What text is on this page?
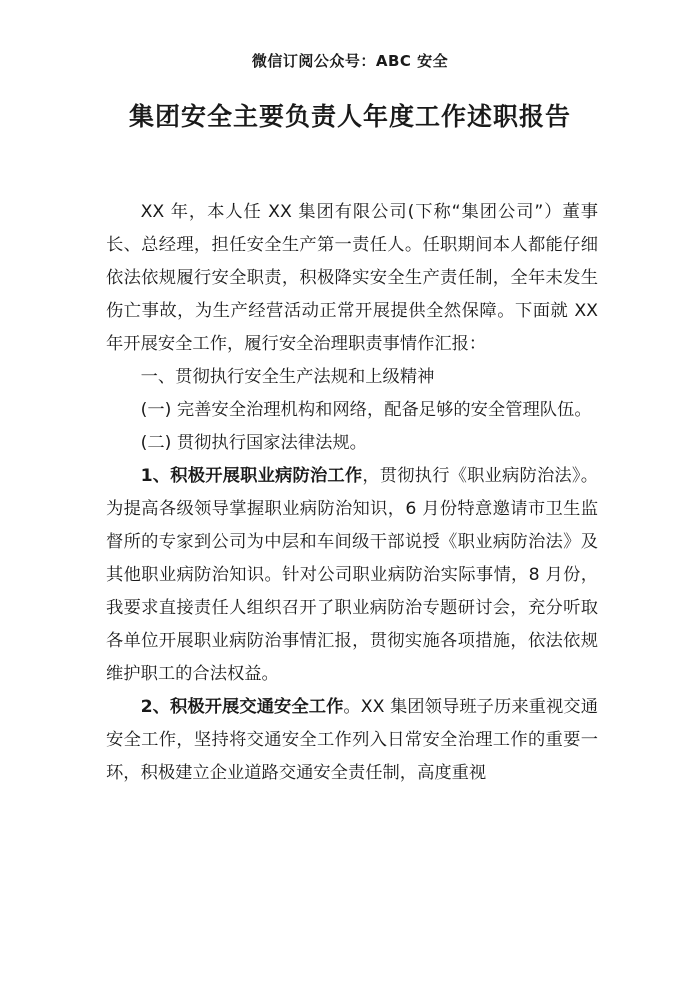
微信订阅公众号：ABC 安全
集团安全主要负责人年度工作述职报告

XX 年，本人任 XX 集团有限公司(下称“集团公司”）董事长、总经理，担任安全生产第一责任人。任职期间本人都能仔细依法依规履行安全职责，积极降实安全生产责任制，全年未发生伤亡事故，为生产经营活动正常开展提供全然保障。下面就 XX 年开展安全工作，履行安全治理职责事情作汇报：

一、贯彻执行安全生产法规和上级精神

(一) 完善安全治理机构和网络，配备足够的安全管理队伍。

(二) 贯彻执行国家法律法规。

1、积极开展职业病防治工作，贯彻执行《职业病防治法》。为提高各级领导掌握职业病防治知识，6 月份特意邀请市卫生监督所的专家到公司为中层和车间级干部说授《职业病防治法》及其他职业病防治知识。针对公司职业病防治实际事情，8 月份，我要求直接责任人组织召开了职业病防治专题研讨会，充分听取各单位开展职业病防治事情汇报，贯彻实施各项措施，依法依规维护职工的合法权益。

2、积极开展交通安全工作。XX 集团领导班子历来重视交通安全工作，坚持将交通安全工作列入日常安全治理工作的重要一环，积极建立企业道路交通安全责任制，高度重视
